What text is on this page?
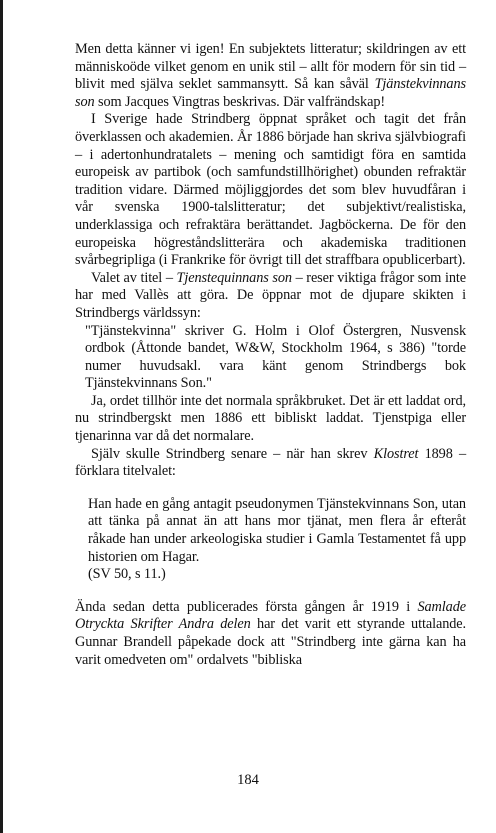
Men detta känner vi igen! En subjektets litteratur; skildringen av ett människoöde vilket genom en unik stil – allt för modern för sin tid – blivit med själva seklet sammansytt. Så kan såväl Tjänstekvinnans son som Jacques Vingtras beskrivas. Där valfrändskap!

I Sverige hade Strindberg öppnat språket och tagit det från överklassen och akademien. År 1886 började han skriva självbiografi – i adertonhundratalets – mening och samtidigt föra en samtida europeisk av partibok (och samfundstillhörighet) obunden refraktär tradition vidare. Därmed möjliggjordes det som blev huvudfåran i vår svenska 1900-talslitteratur; det subjektivt/realistiska, underklassiga och refraktära berättandet. Jagböckerna. De för den europeiska högreståndslitterära och akademiska traditionen svårbegripliga (i Frankrike för övrigt till det straffbara opublicerbart).

Valet av titel – Tjenstequinnans son – reser viktiga frågor som inte har med Vallès att göra. De öppnar mot de djupare skikten i Strindbergs världssyn:

"Tjänstekvinna" skriver G. Holm i Olof Östergren, Nusvensk ordbok (Åttonde bandet, W&W, Stockholm 1964, s 386) "torde numer huvudsakl. vara känt genom Strindbergs bok Tjänstekvinnans Son."

Ja, ordet tillhör inte det normala språkbruket. Det är ett laddat ord, nu strindbergskt men 1886 ett bibliskt laddat. Tjenstpiga eller tjenarinna var då det normalare.

Själv skulle Strindberg senare – när han skrev Klostret 1898 – förklara titelvalet:

Han hade en gång antagit pseudonymen Tjänstekvinnans Son, utan att tänka på annat än att hans mor tjänat, men flera år efteråt råkade han under arkeologiska studier i Gamla Testamentet få upp historien om Hagar.

(SV 50, s 11.)

Ända sedan detta publicerades första gången år 1919 i Samlade Otryckta Skrifter Andra delen har det varit ett styrande uttalande. Gunnar Brandell påpekade dock att "Strindberg inte gärna kan ha varit omedveten om" ordalvets "bibliska

184
